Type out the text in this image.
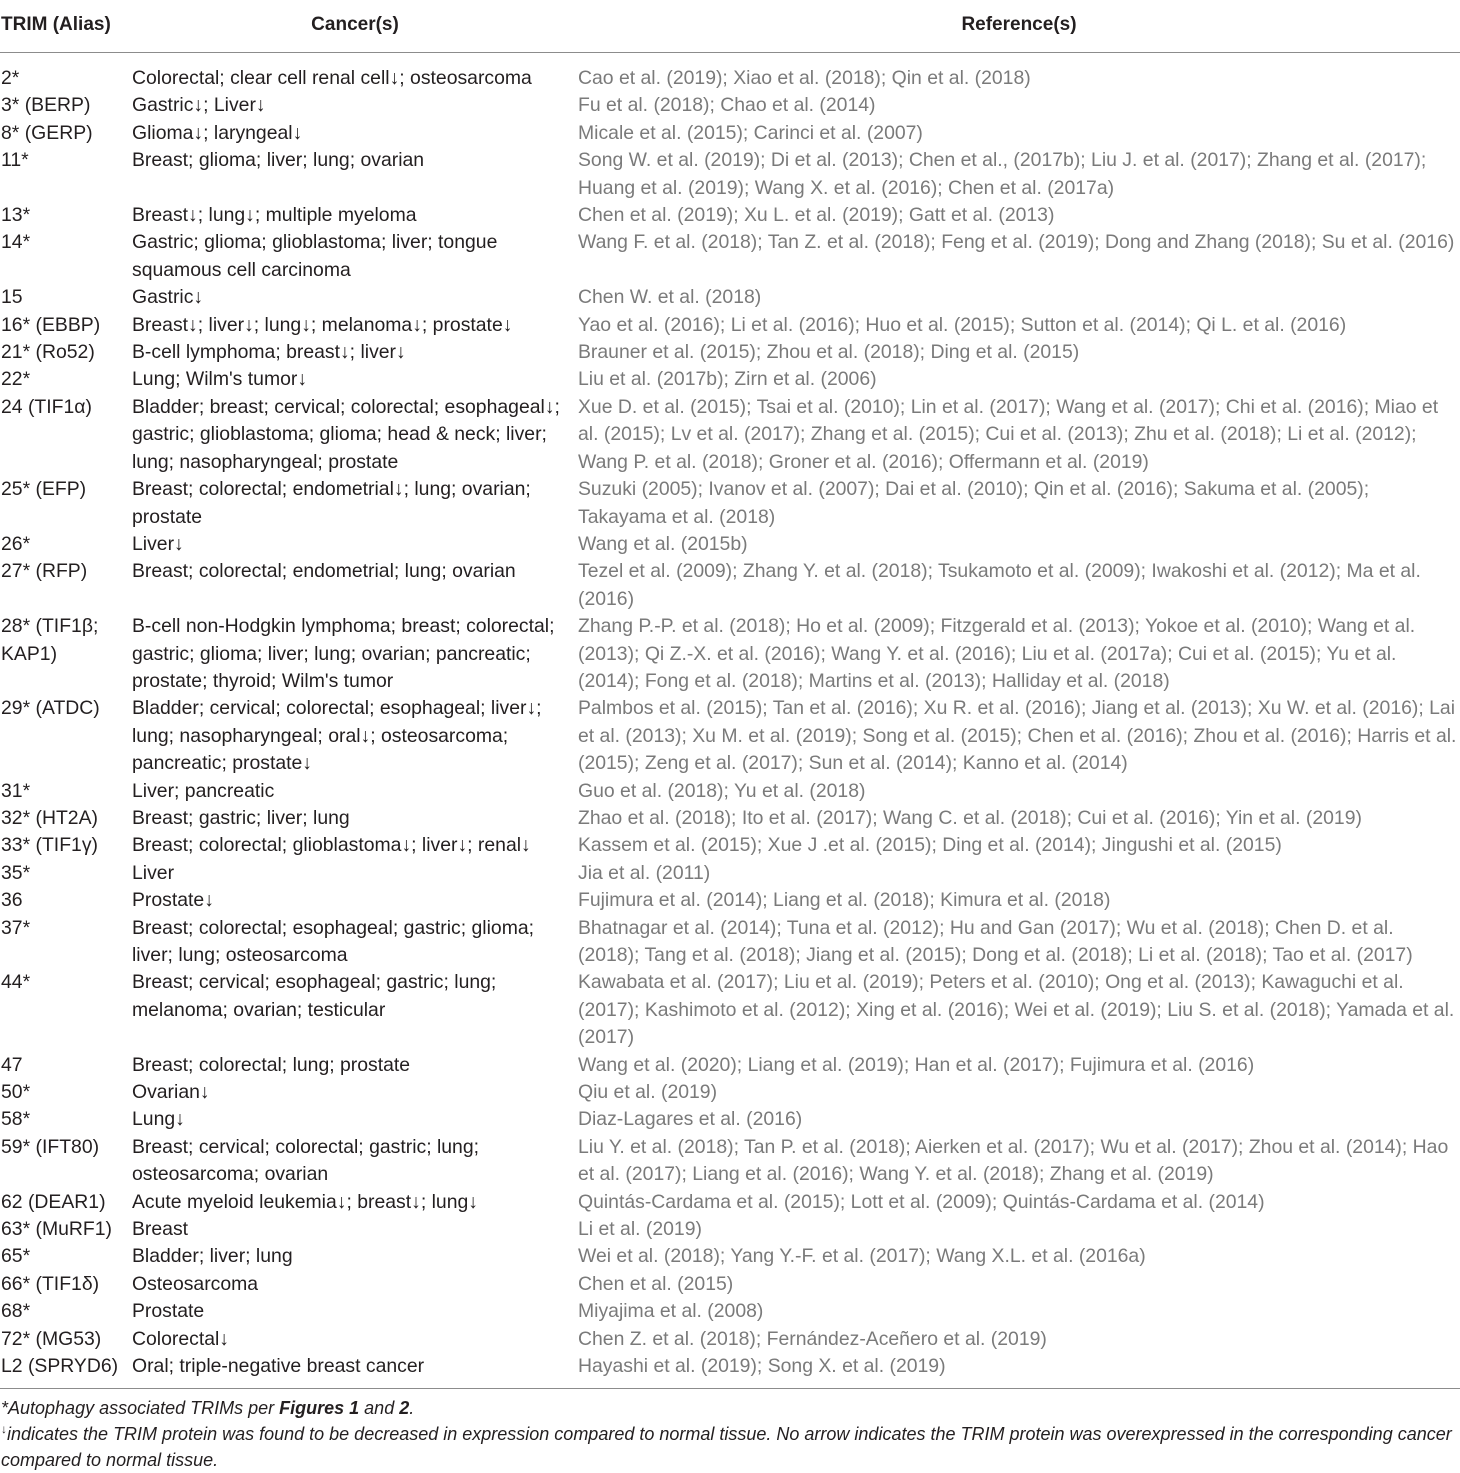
TRIM (Alias)	Cancer(s)	Reference(s)
2*	Colorectal; clear cell renal cell↓; osteosarcoma	Cao et al. (2019); Xiao et al. (2018); Qin et al. (2018)
3* (BERP)	Gastric↓; Liver↓	Fu et al. (2018); Chao et al. (2014)
8* (GERP)	Glioma↓; laryngeal↓	Micale et al. (2015); Carinci et al. (2007)
11*	Breast; glioma; liver; lung; ovarian	Song W. et al. (2019); Di et al. (2013); Chen et al., (2017b); Liu J. et al. (2017); Zhang et al. (2017); Huang et al. (2019); Wang X. et al. (2016); Chen et al. (2017a)
13*	Breast↓; lung↓; multiple myeloma	Chen et al. (2019); Xu L. et al. (2019); Gatt et al. (2013)
14*	Gastric; glioma; glioblastoma; liver; tongue squamous cell carcinoma	Wang F. et al. (2018); Tan Z. et al. (2018); Feng et al. (2019); Dong and Zhang (2018); Su et al. (2016)
15	Gastric↓	Chen W. et al. (2018)
16* (EBBP)	Breast↓; liver↓; lung↓; melanoma↓; prostate↓	Yao et al. (2016); Li et al. (2016); Huo et al. (2015); Sutton et al. (2014); Qi L. et al. (2016)
21* (Ro52)	B-cell lymphoma; breast↓; liver↓	Brauner et al. (2015); Zhou et al. (2018); Ding et al. (2015)
22*	Lung; Wilm's tumor↓	Liu et al. (2017b); Zirn et al. (2006)
24 (TIF1α)	Bladder; breast; cervical; colorectal; esophageal↓; gastric; glioblastoma; glioma; head & neck; liver; lung; nasopharyngeal; prostate	Xue D. et al. (2015); Tsai et al. (2010); Lin et al. (2017); Wang et al. (2017); Chi et al. (2016); Miao et al. (2015); Lv et al. (2017); Zhang et al. (2015); Cui et al. (2013); Zhu et al. (2018); Li et al. (2012); Wang P. et al. (2018); Groner et al. (2016); Offermann et al. (2019)
25* (EFP)	Breast; colorectal; endometrial↓; lung; ovarian; prostate	Suzuki (2005); Ivanov et al. (2007); Dai et al. (2010); Qin et al. (2016); Sakuma et al. (2005); Takayama et al. (2018)
26*	Liver↓	Wang et al. (2015b)
27* (RFP)	Breast; colorectal; endometrial; lung; ovarian	Tezel et al. (2009); Zhang Y. et al. (2018); Tsukamoto et al. (2009); Iwakoshi et al. (2012); Ma et al. (2016)
28* (TIF1β; KAP1)	B-cell non-Hodgkin lymphoma; breast; colorectal; gastric; glioma; liver; lung; ovarian; pancreatic; prostate; thyroid; Wilm's tumor	Zhang P.-P. et al. (2018); Ho et al. (2009); Fitzgerald et al. (2013); Yokoe et al. (2010); Wang et al. (2013); Qi Z.-X. et al. (2016); Wang Y. et al. (2016); Liu et al. (2017a); Cui et al. (2015); Yu et al. (2014); Fong et al. (2018); Martins et al. (2013); Halliday et al. (2018)
29* (ATDC)	Bladder; cervical; colorectal; esophageal; liver↓; lung; nasopharyngeal; oral↓; osteosarcoma; pancreatic; prostate↓	Palmbos et al. (2015); Tan et al. (2016); Xu R. et al. (2016); Jiang et al. (2013); Xu W. et al. (2016); Lai et al. (2013); Xu M. et al. (2019); Song et al. (2015); Chen et al. (2016); Zhou et al. (2016); Harris et al. (2015); Zeng et al. (2017); Sun et al. (2014); Kanno et al. (2014)
31*	Liver; pancreatic	Guo et al. (2018); Yu et al. (2018)
32* (HT2A)	Breast; gastric; liver; lung	Zhao et al. (2018); Ito et al. (2017); Wang C. et al. (2018); Cui et al. (2016); Yin et al. (2019)
33* (TIF1γ)	Breast; colorectal; glioblastoma↓; liver↓; renal↓	Kassem et al. (2015); Xue J .et al. (2015); Ding et al. (2014); Jingushi et al. (2015)
35*	Liver	Jia et al. (2011)
36	Prostate↓	Fujimura et al. (2014); Liang et al. (2018); Kimura et al. (2018)
37*	Breast; colorectal; esophageal; gastric; glioma; liver; lung; osteosarcoma	Bhatnagar et al. (2014); Tuna et al. (2012); Hu and Gan (2017); Wu et al. (2018); Chen D. et al. (2018); Tang et al. (2018); Jiang et al. (2015); Dong et al. (2018); Li et al. (2018); Tao et al. (2017)
44*	Breast; cervical; esophageal; gastric; lung; melanoma; ovarian; testicular	Kawabata et al. (2017); Liu et al. (2019); Peters et al. (2010); Ong et al. (2013); Kawaguchi et al. (2017); Kashimoto et al. (2012); Xing et al. (2016); Wei et al. (2019); Liu S. et al. (2018); Yamada et al. (2017)
47	Breast; colorectal; lung; prostate	Wang et al. (2020); Liang et al. (2019); Han et al. (2017); Fujimura et al. (2016)
50*	Ovarian↓	Qiu et al. (2019)
58*	Lung↓	Diaz-Lagares et al. (2016)
59* (IFT80)	Breast; cervical; colorectal; gastric; lung; osteosarcoma; ovarian	Liu Y. et al. (2018); Tan P. et al. (2018); Aierken et al. (2017); Wu et al. (2017); Zhou et al. (2014); Hao et al. (2017); Liang et al. (2016); Wang Y. et al. (2018); Zhang et al. (2019)
62 (DEAR1)	Acute myeloid leukemia↓; breast↓; lung↓	Quintás-Cardama et al. (2015); Lott et al. (2009); Quintás-Cardama et al. (2014)
63* (MuRF1)	Breast	Li et al. (2019)
65*	Bladder; liver; lung	Wei et al. (2018); Yang Y.-F. et al. (2017); Wang X.L. et al. (2016a)
66* (TIF1δ)	Osteosarcoma	Chen et al. (2015)
68*	Prostate	Miyajima et al. (2008)
72* (MG53)	Colorectal↓	Chen Z. et al. (2018); Fernández-Aceñero et al. (2019)
L2 (SPRYD6)	Oral; triple-negative breast cancer	Hayashi et al. (2019); Song X. et al. (2019)
*Autophagy associated TRIMs per Figures 1 and 2.
↓indicates the TRIM protein was found to be decreased in expression compared to normal tissue. No arrow indicates the TRIM protein was overexpressed in the corresponding cancer compared to normal tissue.
